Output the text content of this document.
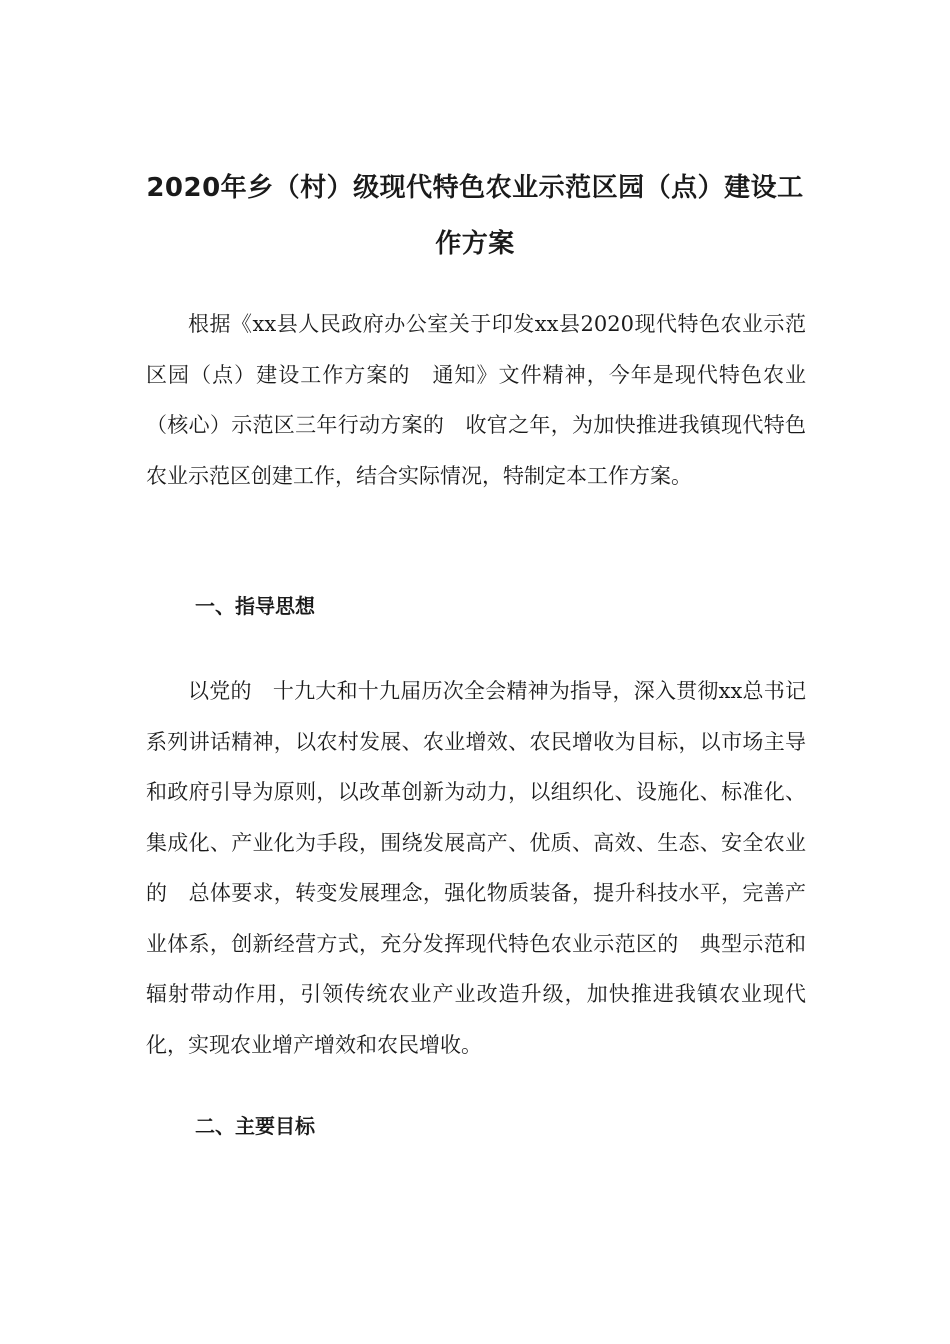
2020年乡（村）级现代特色农业示范区园（点）建设工作方案

根据《xx县人民政府办公室关于印发xx县2020现代特色农业示范区园（点）建设工作方案的　通知》文件精神，今年是现代特色农业（核心）示范区三年行动方案的　收官之年，为加快推进我镇现代特色农业示范区创建工作，结合实际情况，特制定本工作方案。

一、指导思想

以党的　十九大和十九届历次全会精神为指导，深入贯彻xx总书记系列讲话精神，以农村发展、农业增效、农民增收为目标，以市场主导和政府引导为原则，以改革创新为动力，以组织化、设施化、标准化、集成化、产业化为手段，围绕发展高产、优质、高效、生态、安全农业的　总体要求，转变发展理念，强化物质装备，提升科技水平，完善产业体系，创新经营方式，充分发挥现代特色农业示范区的　典型示范和辐射带动作用，引领传统农业产业改造升级，加快推进我镇农业现代化，实现农业增产增效和农民增收。

二、主要目标
